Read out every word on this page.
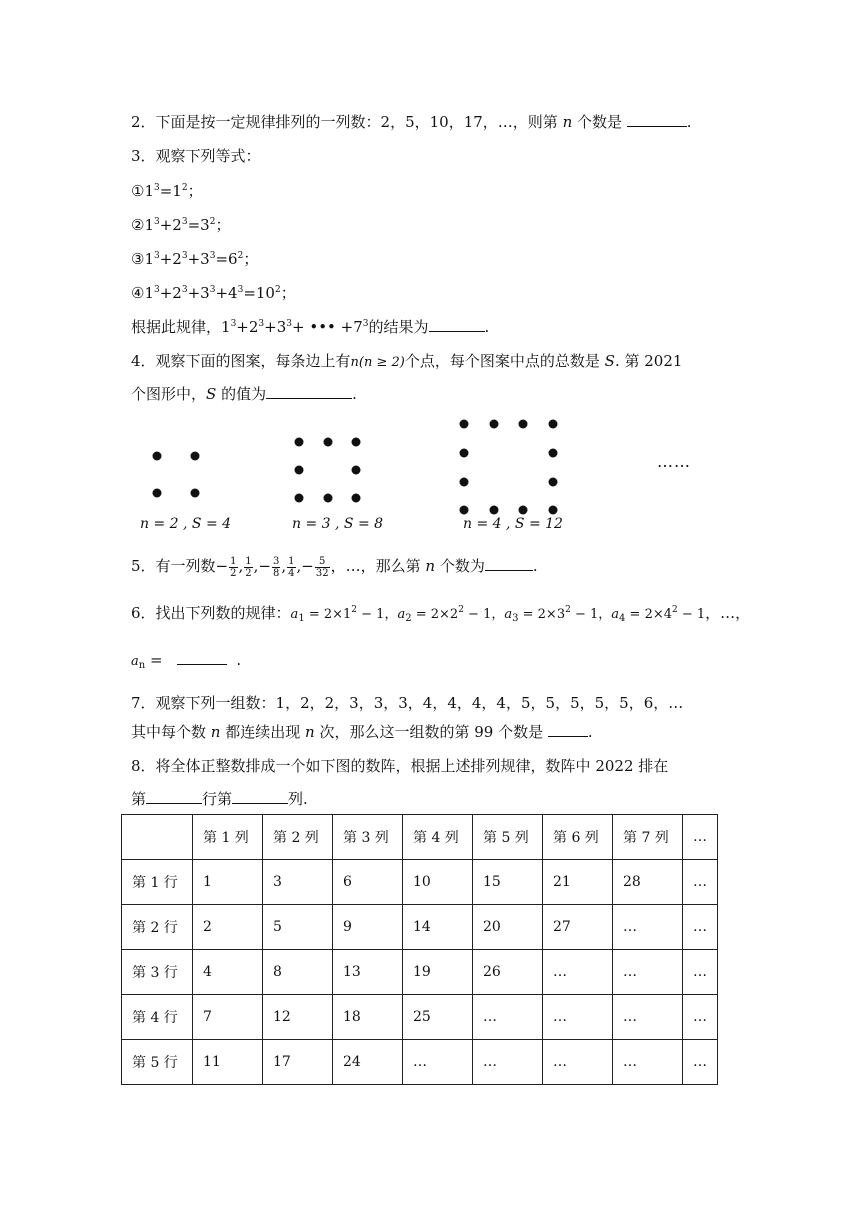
2．下面是按一定规律排列的一列数：2，5，10，17，…，则第 n 个数是	.
3．观察下列等式：
$①1^3=1^2$；
$②1^3+2^3=3^2$；
$③1^3+2^3+3^3=6^2$；
$④1^3+2^3+3^3+4^3=10^2$；
根据此规律，$1^3+2^3+3^3+$ ••• $+7^3$的结果为	.
4．观察下面的图案，每条边上有n(n ≥ 2)个点，每个图案中点的总数是 S. 第 2021
个图形中，S 的值为	.
n = 2 , S = 4	n = 3 , S = 8	n = 4 , S = 12
……
5．有一列数− $\frac{1}{2}$ , $\frac{1}{2}$ ,− $\frac{3}{8}$ , $\frac{1}{4}$ ,− $\frac{5}{32}$ ，…，那么第 n 个数为	.
6．找出下列数的规律：$a_1 = 2\times 1^2 - 1$，$a_2 = 2\times 2^2 - 1$，$a_3 = 2\times 3^2 - 1$，$a_4 = 2\times 4^2 - 1$，…，
$a_n$ =	.
7．观察下列一组数：1，2，2，3，3，3，4，4，4，4，5，5，5，5，5，6，…
其中每个数 n 都连续出现 n 次，那么这一组数的第 99 个数是	.
8．将全体正整数排成一个如下图的数阵，根据上述排列规律，数阵中 2022 排在
第	行第	列.
	第 1 列	第 2 列	第 3 列	第 4 列	第 5 列	第 6 列	第 7 列	…
第 1 行	1	3	6	10	15	21	28	…
第 2 行	2	5	9	14	20	27	…	…
第 3 行	4	8	13	19	26	…	…	…
第 4 行	7	12	18	25	…	…	…	…
第 5 行	11	17	24	…	…	…	…	…
